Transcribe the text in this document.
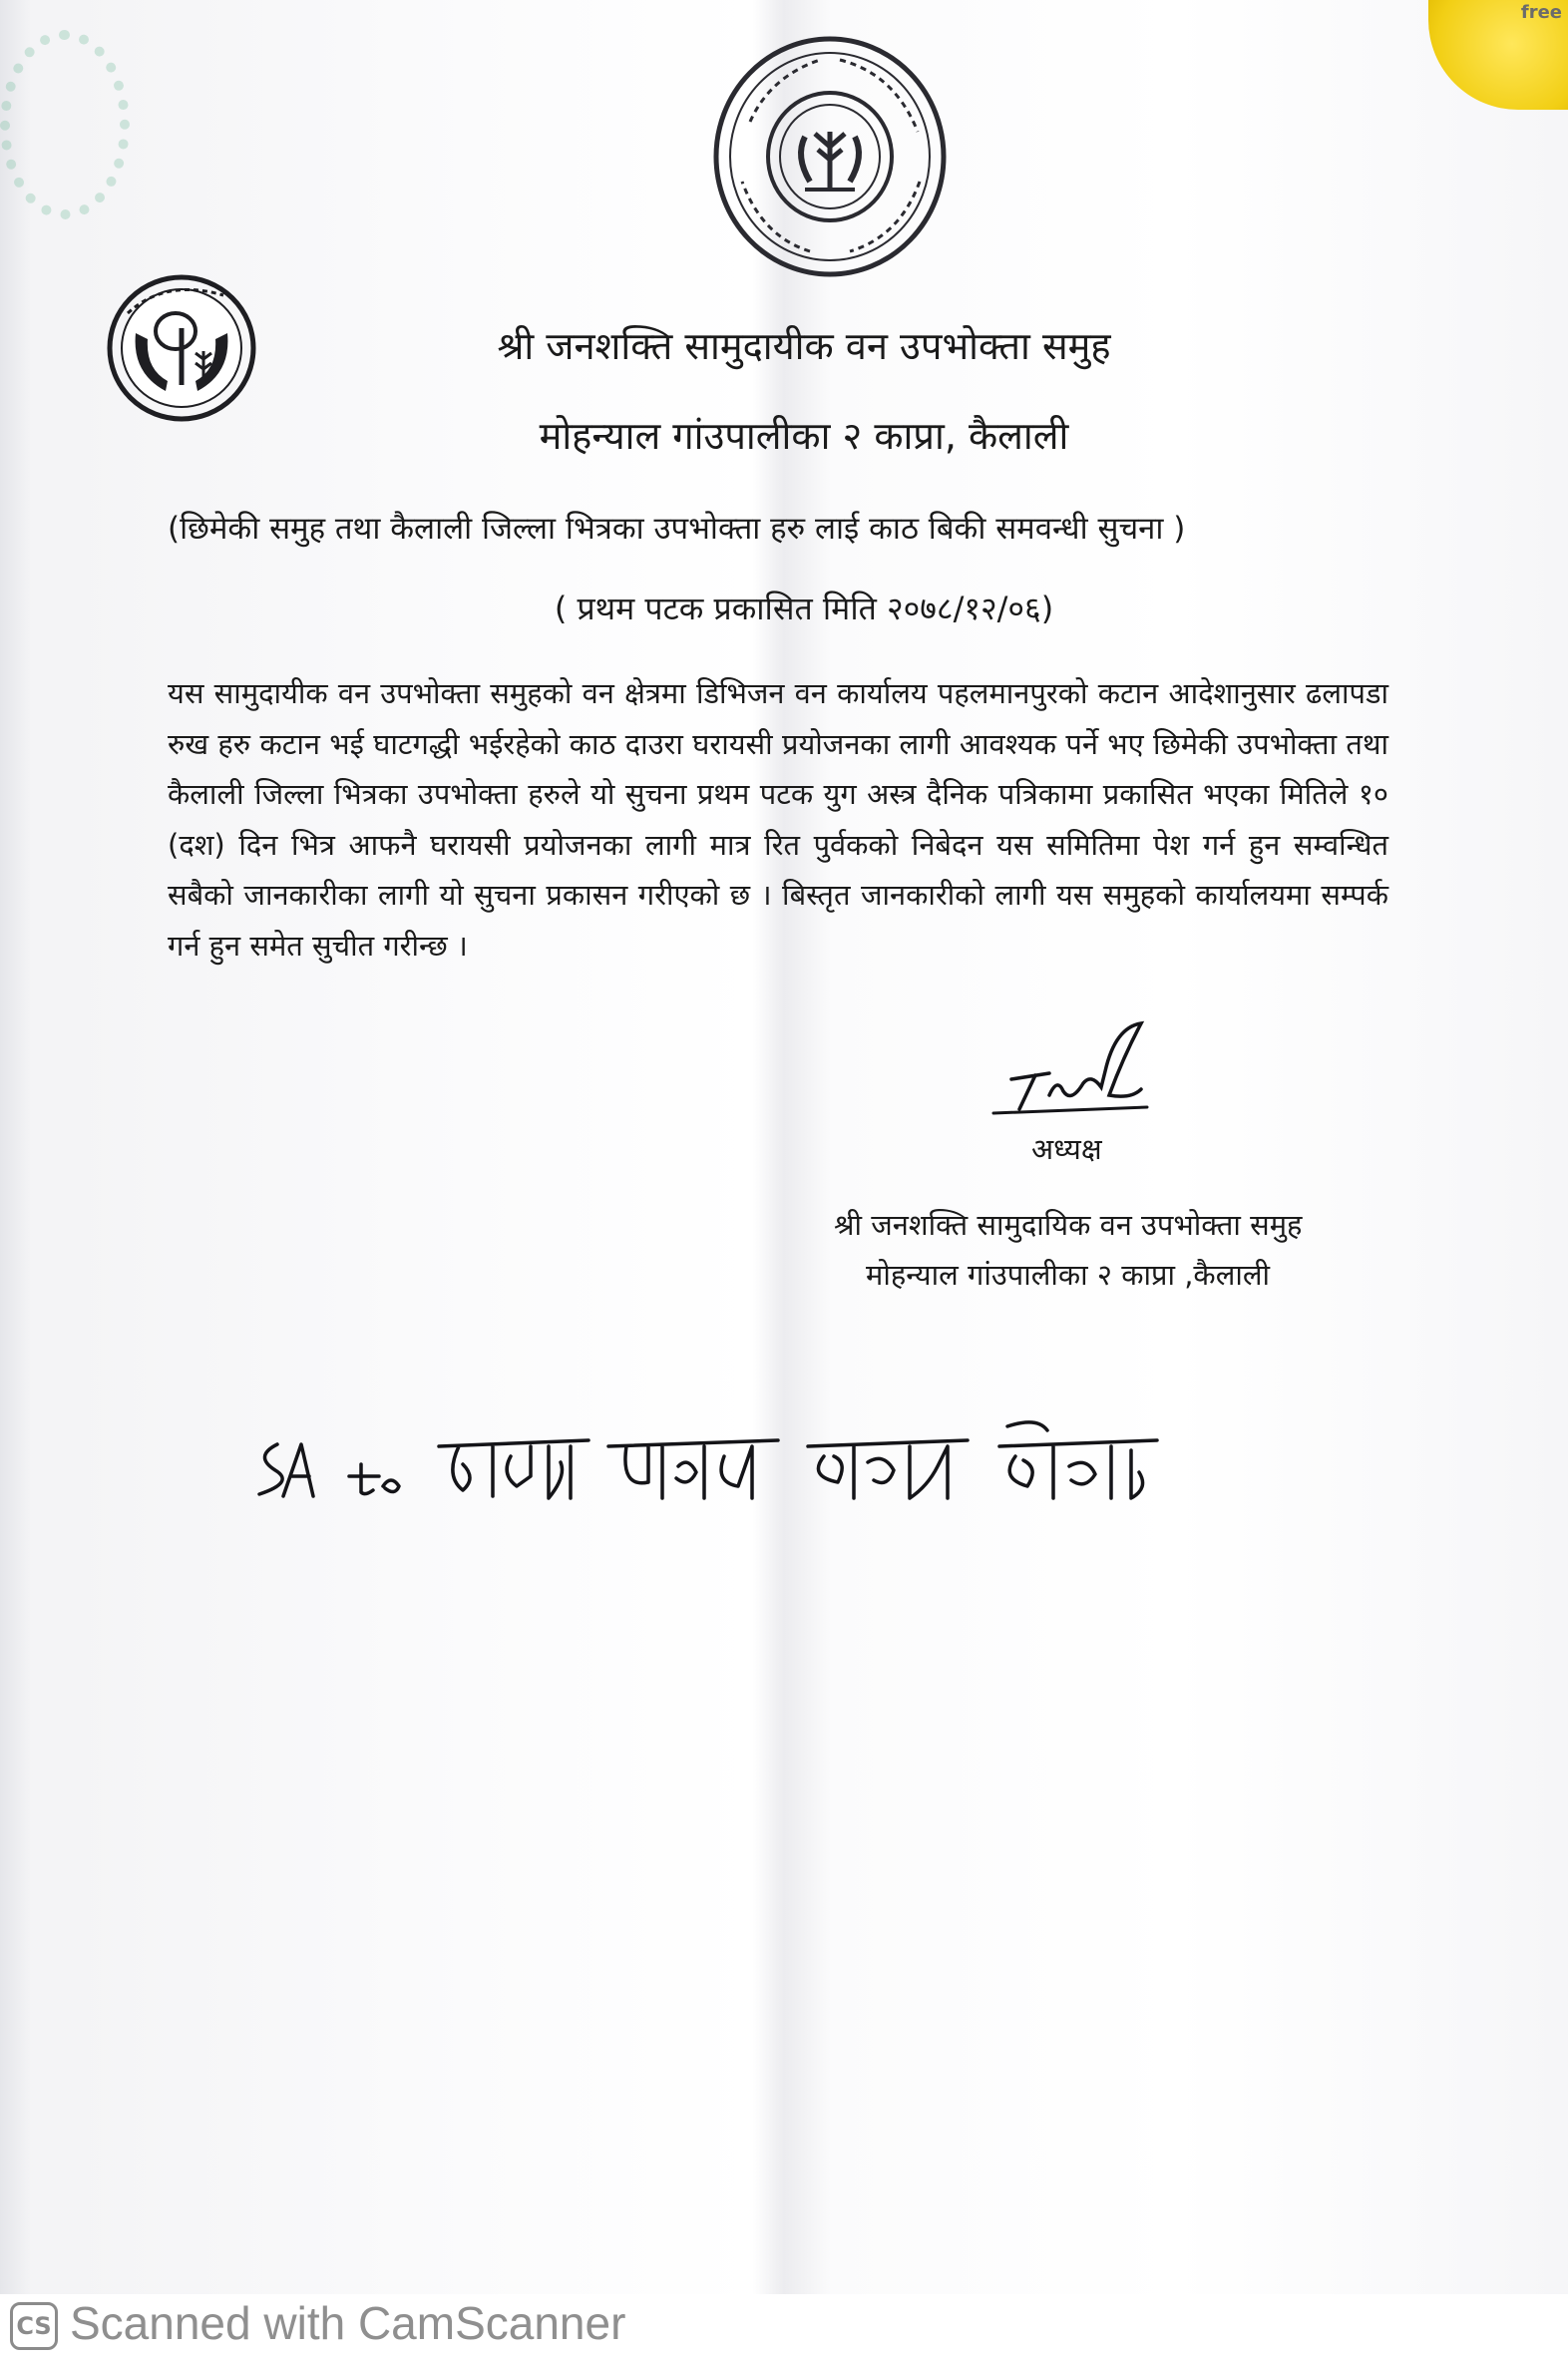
free
श्री जनशक्ति सामुदायीक वन उपभोक्ता समुह
मोहन्याल गांउपालीका २ काप्रा, कैलाली
(छिमेकी समुह तथा कैलाली जिल्ला भित्रका उपभोक्ता हरु लाई काठ बिकी समवन्धी सुचना )
( प्रथम पटक प्रकासित मिति २०७८/१२/०६)
यस सामुदायीक वन उपभोक्ता समुहको वन क्षेत्रमा डिभिजन वन कार्यालय पहलमानपुरको कटान आदेशानुसार ढलापडा रुख हरु कटान भई घाटगद्धी भईरहेको काठ दाउरा घरायसी प्रयोजनका लागी आवश्यक पर्ने भए छिमेकी उपभोक्ता तथा कैलाली जिल्ला भित्रका उपभोक्ता हरुले यो सुचना प्रथम पटक युग अस्त्र दैनिक पत्रिकामा प्रकासित भएका मितिले १० (दश) दिन भित्र आफनै घरायसी प्रयोजनका लागी मात्र रित पुर्वकको निबेदन यस समितिमा पेश गर्न हुन सम्वन्धित सबैको जानकारीका लागी यो सुचना प्रकासन गरीएको छ । बिस्तृत जानकारीको लागी यस समुहको कार्यालयमा सम्पर्क गर्न हुन समेत सुचीत गरीन्छ ।
अध्यक्ष
श्री जनशक्ति सामुदायिक वन उपभोक्ता समुह
मोहन्याल गांउपालीका २ काप्रा ,कैलाली
CS Scanned with CamScanner
